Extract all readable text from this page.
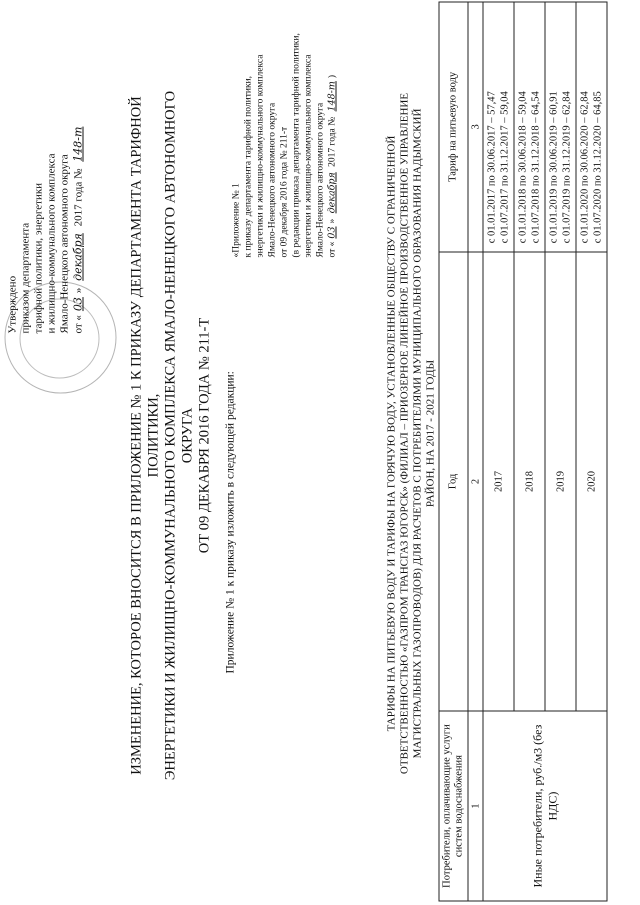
Утверждено приказом департамента тарифной политики, энергетики и жилищно-коммунального комплекса Ямало-Ненецкого автономного округа от «03» декабря 2017 года № 148-т	ИЗМЕНЕНИЕ, КОТОРОЕ ВНОСИТСЯ В ПРИЛОЖЕНИЕ № 1 К ПРИКАЗУ ДЕПАРТАМЕНТА ТАРИФНОЙ ПОЛИТИКИ, ЭНЕРГЕТИКИ И ЖИЛИЩНО-КОММУНАЛЬНОГО КОМПЛЕКСА ЯМАЛО-НЕНЕЦКОГО АВТОНОМНОГО ОКРУГА ОТ 09 ДЕКАБРЯ 2016 ГОДА № 211-Т Приложение № 1 к приказу изложить в следующей редакции:
«Приложение № 1 к приказу департамента тарифной политики, энергетики и жилищно-коммунального комплекса Ямало-Ненецкого автономного округа от 09 декабря 2016 года № 211-т (в редакции приказа департамента тарифной политики, энергетики и жилищно-коммунального комплекса Ямало-Ненецкого автономного округа от «03» декабря 2017 года № 148-т)
ТАРИФЫ НА ПИТЬЕВУЮ ВОДУ И ТАРИФЫ НА ГОРЯЧУЮ ВОДУ, УСТАНОВЛЕННЫЕ ОБЩЕСТВУ С ОГРАНИЧЕННОЙ ОТВЕТСТВЕННОСТЬЮ «ГАЗПРОМ ТРАНСГАЗ ЮГОРСК» (ФИЛИАЛ – ПРИОЗЕРНОЕ ЛИНЕЙНОЕ ПРОИЗВОДСТВЕННОЕ УПРАВЛЕНИЕ МАГИСТРАЛЬНЫХ ГАЗОПРОВОДОВ) ДЛЯ РАСЧЕТОВ С ПОТРЕБИТЕЛЯМИ МУНИЦИПАЛЬНОГО ОБРАЗОВАНИЯ НАДЫМСКИЙ РАЙОН, НА 2017 - 2021 ГОДЫ
Потребители, оплачивающие услуги систем водоснабжения	Год	Тариф на питьевую воду
1	2	3
Иные потребители, руб./м3 (без НДС)	2017	с 01.01.2017 по 30.06.2017 – 57,47 с 01.07.2017 по 31.12.2017 – 59,04

	2018	с 01.01.2018 по 30.06.2018 – 59,04 с 01.07.2018 по 31.12.2018 – 64,54

	2019	с 01.01.2019 по 30.06.2019 – 60,91 с 01.07.2019 по 31.12.2019 – 62,84

	2020	с 01.01.2020 по 30.06.2020 – 62,84 с 01.07.2020 по 31.12.2020 – 64,85
